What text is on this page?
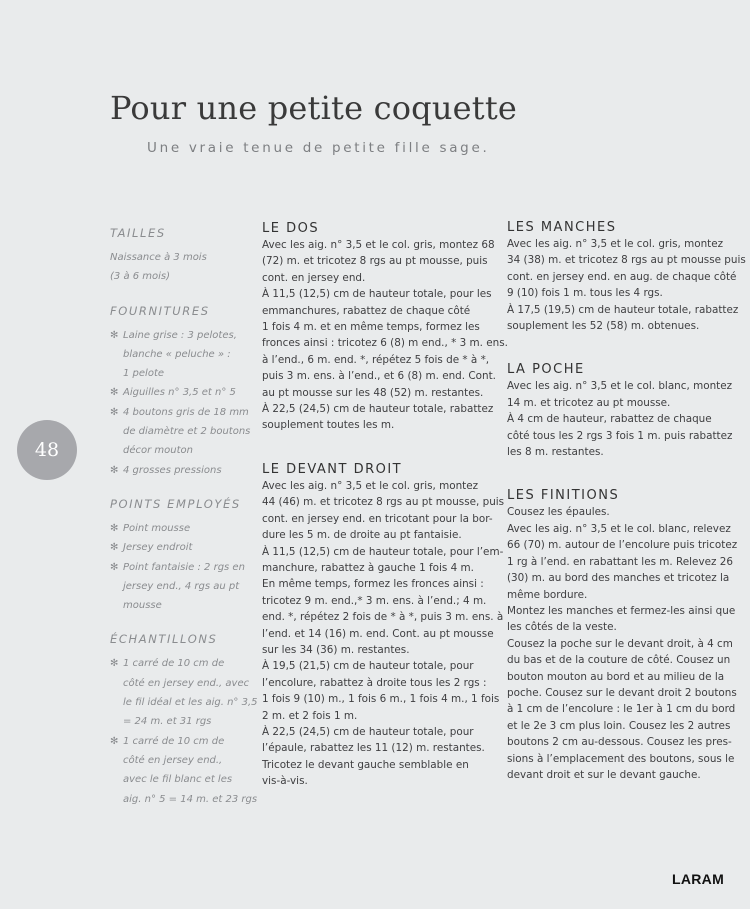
Pour une petite coquette
Une vraie tenue de petite fille sage.
48
TAILLES
Naissance à 3 mois
(3 à 6 mois)
FOURNITURES
✻ Laine grise : 3 pelotes,
blanche « peluche » :
1 pelote
✻ Aiguilles n° 3,5 et n° 5
✻ 4 boutons gris de 18 mm
de diamètre et 2 boutons
décor mouton
✻ 4 grosses pressions
POINTS EMPLOYÉS
✻ Point mousse
✻ Jersey endroit
✻ Point fantaisie : 2 rgs en
jersey end., 4 rgs au pt
mousse
ÉCHANTILLONS
✻ 1 carré de 10 cm de
côté en jersey end., avec
le fil idéal et les aig. n° 3,5
= 24 m. et 31 rgs
✻ 1 carré de 10 cm de
côté en jersey end.,
avec le fil blanc et les
aig. n° 5 = 14 m. et 23 rgs
LE DOS
Avec les aig. n° 3,5 et le col. gris, montez 68
(72) m. et tricotez 8 rgs au pt mousse, puis
cont. en jersey end.
À 11,5 (12,5) cm de hauteur totale, pour les
emmanchures, rabattez de chaque côté
1 fois 4 m. et en même temps, formez les
fronces ainsi : tricotez 6 (8) m end., * 3 m. ens.
à l’end., 6 m. end. *, répétez 5 fois de * à *,
puis 3 m. ens. à l’end., et 6 (8) m. end. Cont.
au pt mousse sur les 48 (52) m. restantes.
À 22,5 (24,5) cm de hauteur totale, rabattez
souplement toutes les m.
LE DEVANT DROIT
Avec les aig. n° 3,5 et le col. gris, montez
44 (46) m. et tricotez 8 rgs au pt mousse, puis
cont. en jersey end. en tricotant pour la bor-
dure les 5 m. de droite au pt fantaisie.
À 11,5 (12,5) cm de hauteur totale, pour l’em-
manchure, rabattez à gauche 1 fois 4 m.
En même temps, formez les fronces ainsi :
tricotez 9 m. end.,* 3 m. ens. à l’end.; 4 m.
end. *, répétez 2 fois de * à *, puis 3 m. ens. à
l’end. et 14 (16) m. end. Cont. au pt mousse
sur les 34 (36) m. restantes.
À 19,5 (21,5) cm de hauteur totale, pour
l’encolure, rabattez à droite tous les 2 rgs :
1 fois 9 (10) m., 1 fois 6 m., 1 fois 4 m., 1 fois
2 m. et 2 fois 1 m.
À 22,5 (24,5) cm de hauteur totale, pour
l’épaule, rabattez les 11 (12) m. restantes.
Tricotez le devant gauche semblable en
vis-à-vis.
LES MANCHES
Avec les aig. n° 3,5 et le col. gris, montez
34 (38) m. et tricotez 8 rgs au pt mousse puis
cont. en jersey end. en aug. de chaque côté
9 (10) fois 1 m. tous les 4 rgs.
À 17,5 (19,5) cm de hauteur totale, rabattez
souplement les 52 (58) m. obtenues.
LA POCHE
Avec les aig. n° 3,5 et le col. blanc, montez
14 m. et tricotez au pt mousse.
À 4 cm de hauteur, rabattez de chaque
côté tous les 2 rgs 3 fois 1 m. puis rabattez
les 8 m. restantes.
LES FINITIONS
Cousez les épaules.
Avec les aig. n° 3,5 et le col. blanc, relevez
66 (70) m. autour de l’encolure puis tricotez
1 rg à l’end. en rabattant les m. Relevez 26
(30) m. au bord des manches et tricotez la
même bordure.
Montez les manches et fermez-les ainsi que
les côtés de la veste.
Cousez la poche sur le devant droit, à 4 cm
du bas et de la couture de côté. Cousez un
bouton mouton au bord et au milieu de la
poche. Cousez sur le devant droit 2 boutons
à 1 cm de l’encolure : le 1er à 1 cm du bord
et le 2e 3 cm plus loin. Cousez les 2 autres
boutons 2 cm au-dessous. Cousez les pres-
sions à l’emplacement des boutons, sous le
devant droit et sur le devant gauche.
LARAM
